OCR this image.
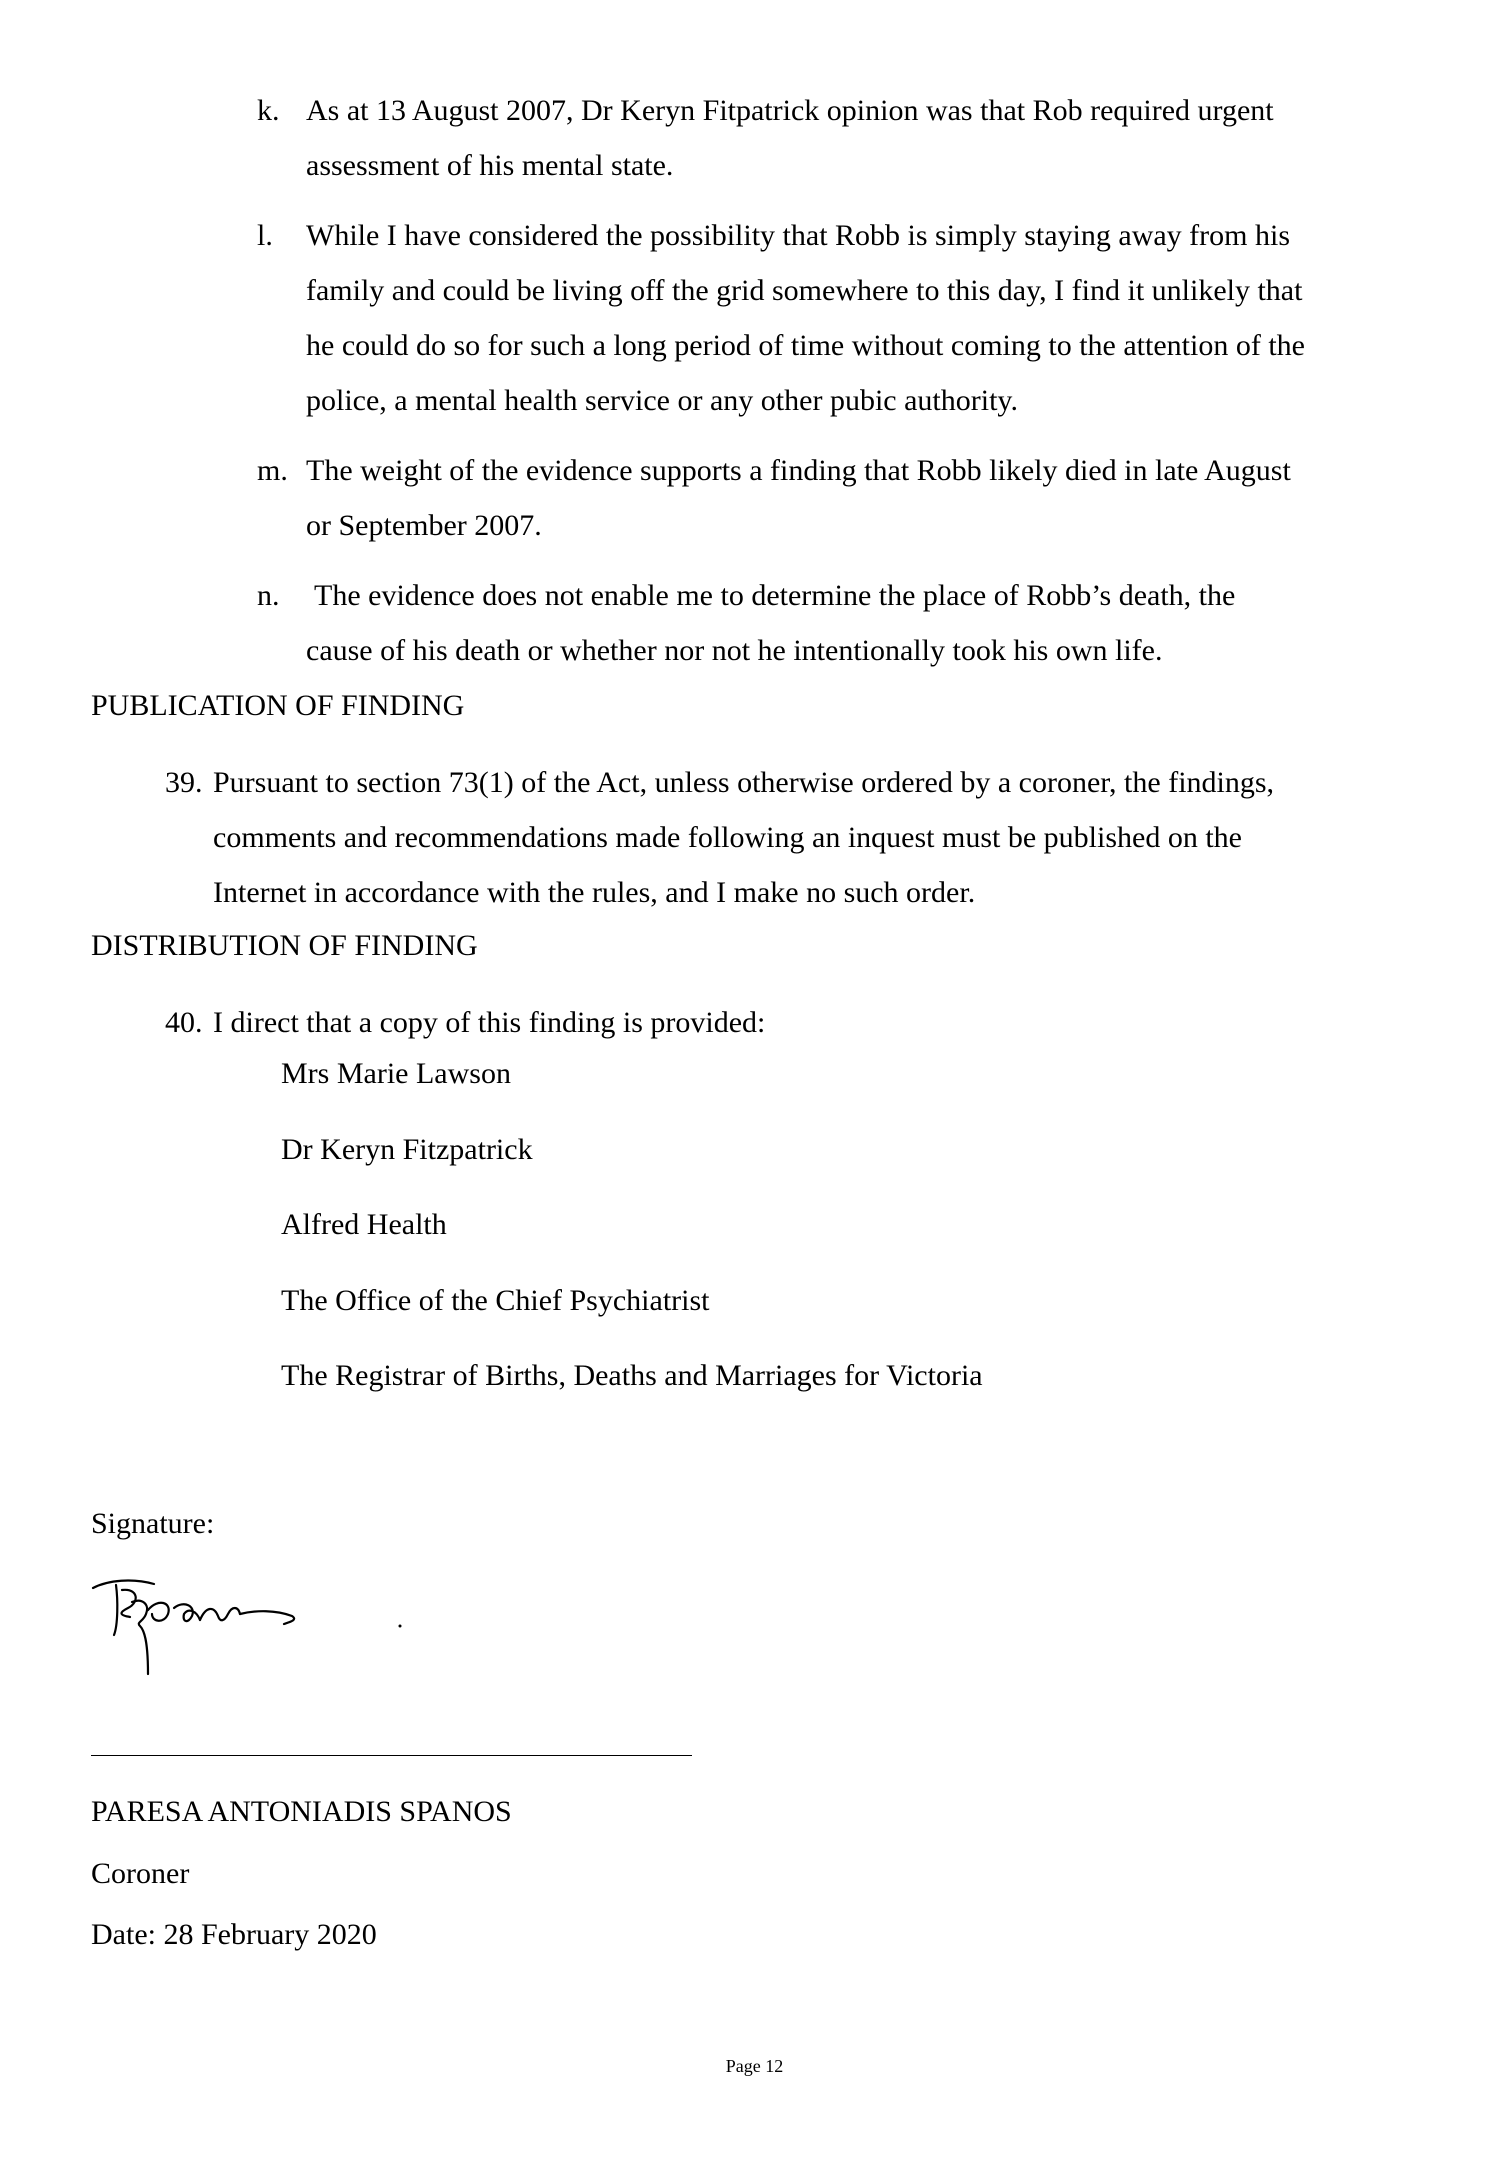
k. As at 13 August 2007, Dr Keryn Fitpatrick opinion was that Rob required urgent
assessment of his mental state.
l. While I have considered the possibility that Robb is simply staying away from his
family and could be living off the grid somewhere to this day, I find it unlikely that
he could do so for such a long period of time without coming to the attention of the
police, a mental health service or any other pubic authority.
m. The weight of the evidence supports a finding that Robb likely died in late August
or September 2007.
n. The evidence does not enable me to determine the place of Robb’s death, the
cause of his death or whether nor not he intentionally took his own life.
PUBLICATION OF FINDING
39. Pursuant to section 73(1) of the Act, unless otherwise ordered by a coroner, the findings,
comments and recommendations made following an inquest must be published on the
Internet in accordance with the rules, and I make no such order.
DISTRIBUTION OF FINDING
40. I direct that a copy of this finding is provided:
Mrs Marie Lawson
Dr Keryn Fitzpatrick
Alfred Health
The Office of the Chief Psychiatrist
The Registrar of Births, Deaths and Marriages for Victoria
Signature:
PARESA ANTONIADIS SPANOS
Coroner
Date: 28 February 2020
Page 12
